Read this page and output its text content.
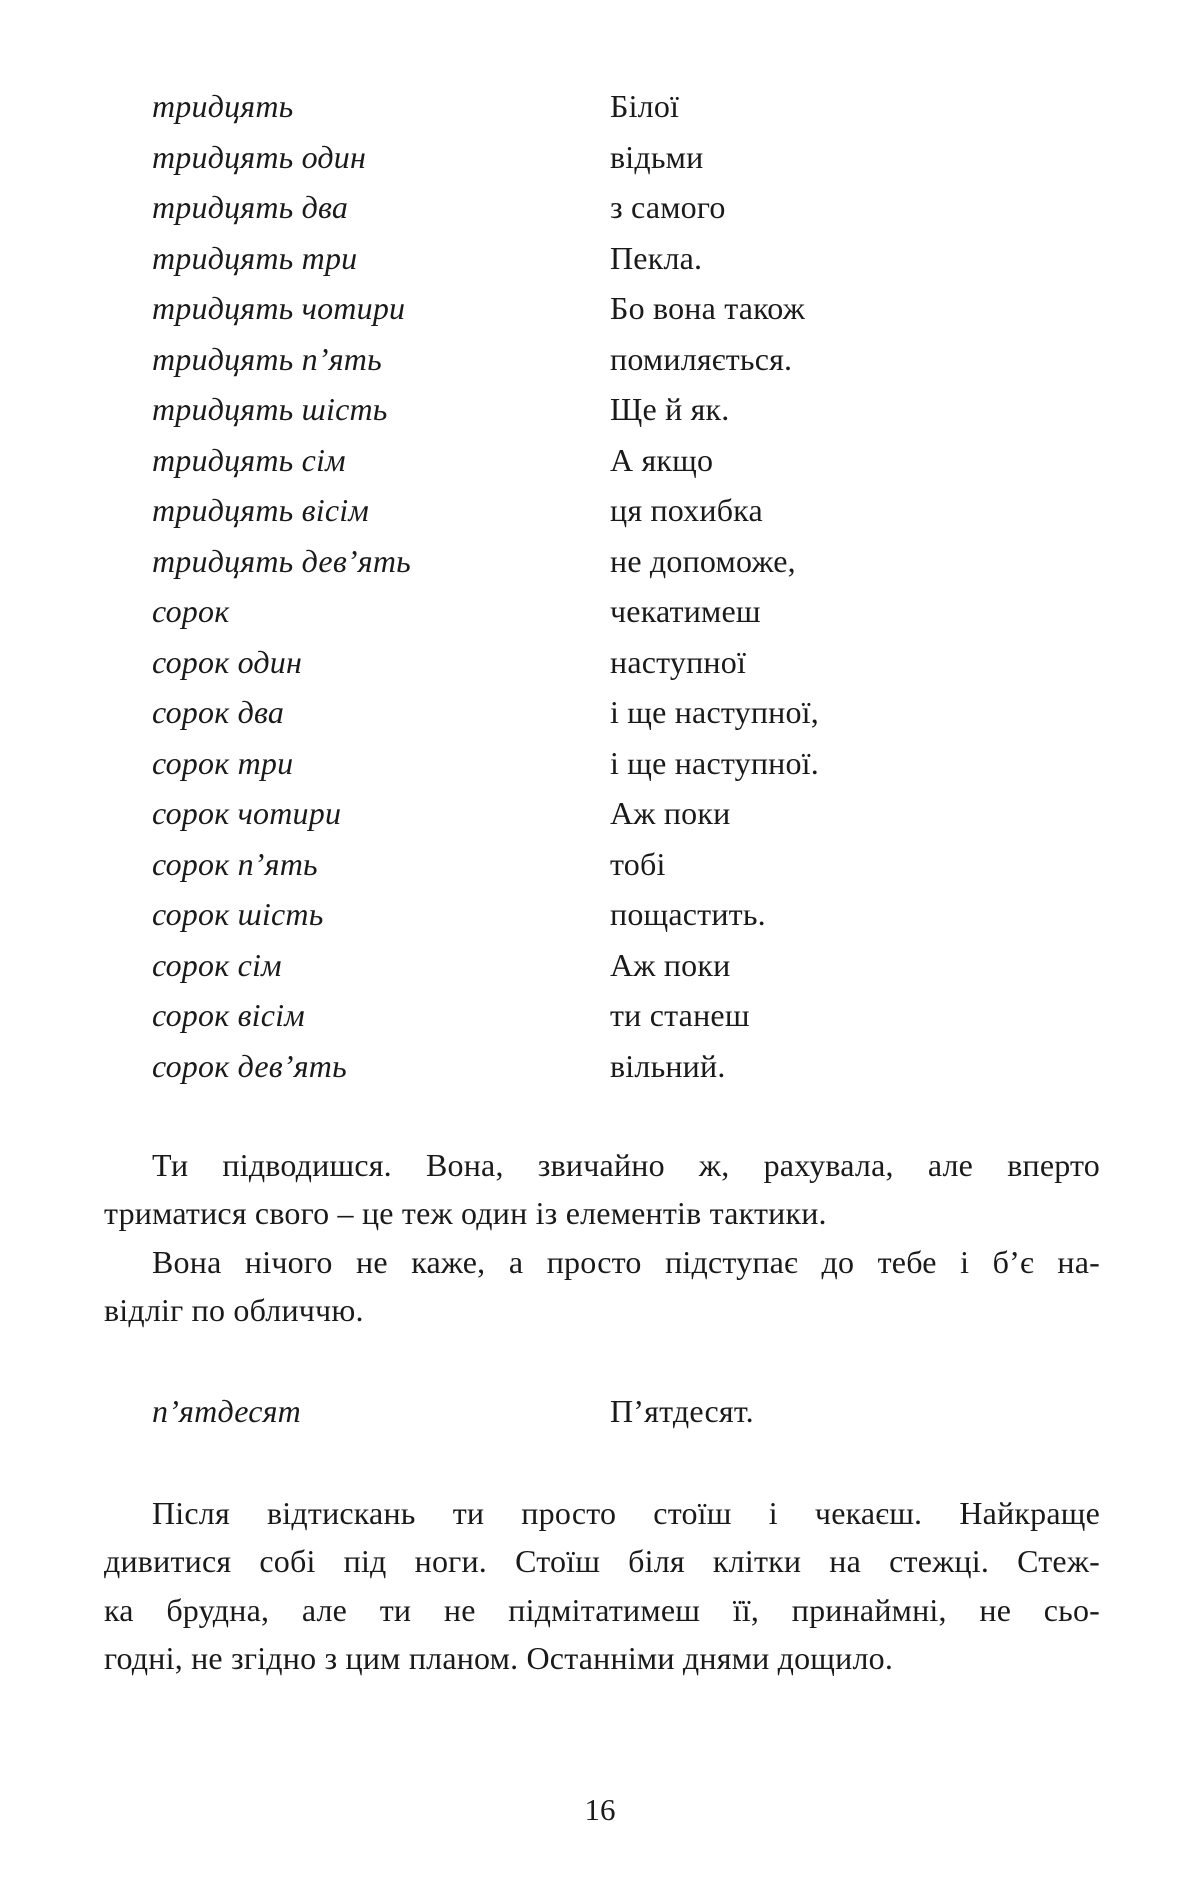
тридцять	Білої
тридцять один	відьми
тридцять два	з самого
тридцять три	Пекла.
тридцять чотири	Бо вона також
тридцять п’ять	помиляється.
тридцять шість	Ще й як.
тридцять сім	А якщо
тридцять вісім	ця похибка
тридцять дев’ять	не допоможе,
сорок	чекатимеш
сорок один	наступної
сорок два	і ще наступної,
сорок три	і ще наступної.
сорок чотири	Аж поки
сорок п’ять	тобі
сорок шість	пощастить.
сорок сім	Аж поки
сорок вісім	ти станеш
сорок дев’ять	вільний.
Ти підводишся. Вона, звичайно ж, рахувала, але вперто
триматися свого – це теж один із елементів тактики.
Вона нічого не каже, а просто підступає до тебе і б’є на-
відліг по обличчю.
п’ятдесят	П’ятдесят.
Після відтискань ти просто стоїш і чекаєш. Найкраще
дивитися собі під ноги. Стоїш біля клітки на стежці. Стеж-
ка брудна, але ти не підмітатимеш її, принаймні, не сьо-
годні, не згідно з цим планом. Останніми днями дощило.
16
